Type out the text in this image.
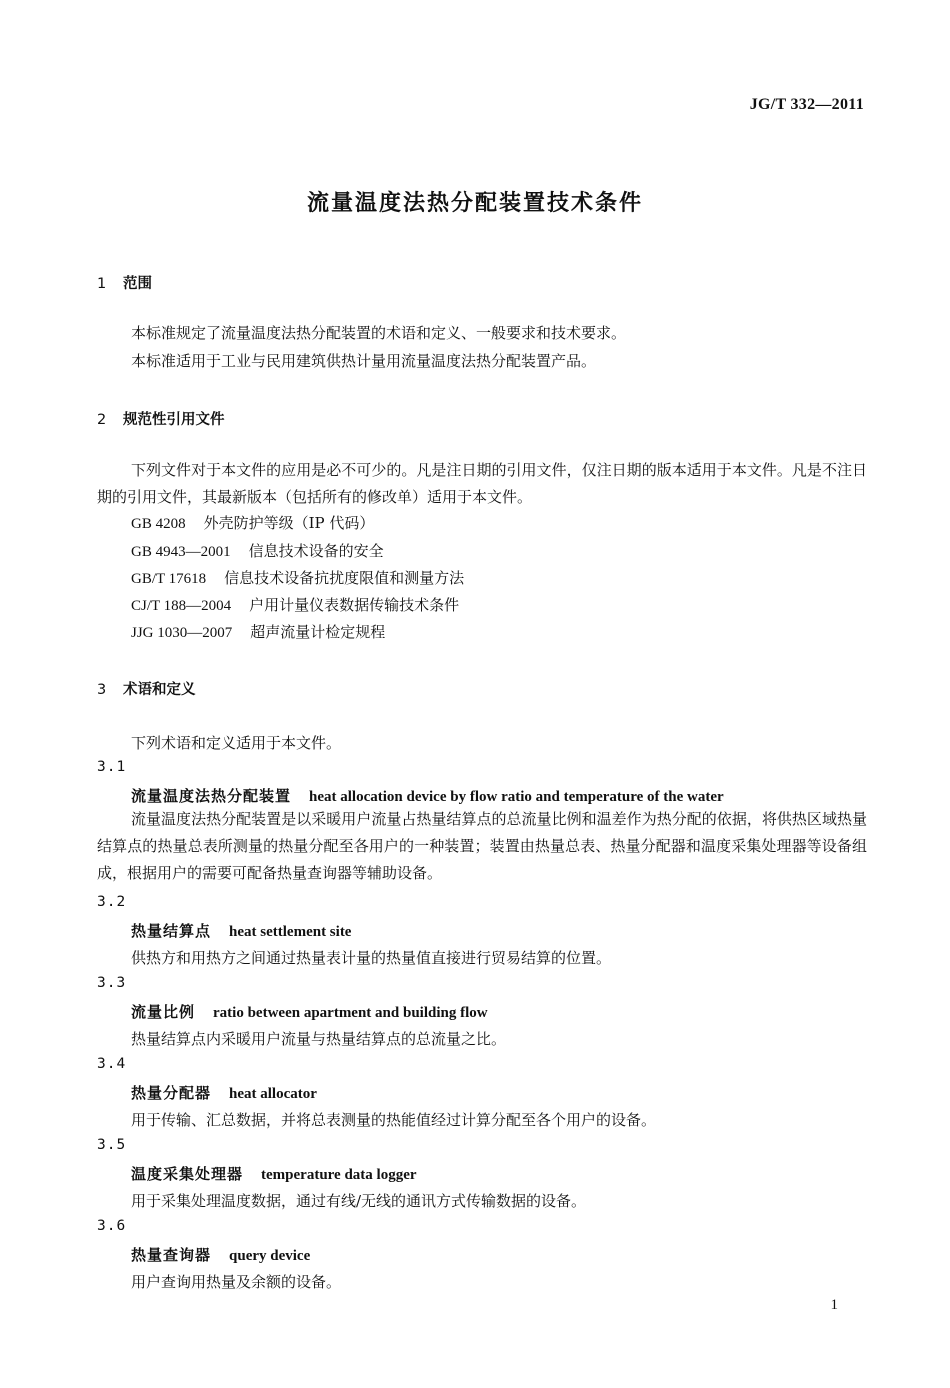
JG/T 332—2011
流量温度法热分配装置技术条件
1 范围
本标准规定了流量温度法热分配装置的术语和定义、一般要求和技术要求。
本标准适用于工业与民用建筑供热计量用流量温度法热分配装置产品。
2 规范性引用文件
下列文件对于本文件的应用是必不可少的。凡是注日期的引用文件，仅注日期的版本适用于本文件。凡是不注日期的引用文件，其最新版本（包括所有的修改单）适用于本文件。
GB 4208 外壳防护等级（IP 代码）
GB 4943—2001 信息技术设备的安全
GB/T 17618 信息技术设备抗扰度限值和测量方法
CJ/T 188—2004 户用计量仪表数据传输技术条件
JJG 1030—2007 超声流量计检定规程
3 术语和定义
下列术语和定义适用于本文件。
3.1
流量温度法热分配装置 heat allocation device by flow ratio and temperature of the water
流量温度法热分配装置是以采暖用户流量占热量结算点的总流量比例和温差作为热分配的依据，将供热区域热量结算点的热量总表所测量的热量分配至各用户的一种装置；装置由热量总表、热量分配器和温度采集处理器等设备组成，根据用户的需要可配备热量查询器等辅助设备。
3.2
热量结算点 heat settlement site
供热方和用热方之间通过热量表计量的热量值直接进行贸易结算的位置。
3.3
流量比例 ratio between apartment and building flow
热量结算点内采暖用户流量与热量结算点的总流量之比。
3.4
热量分配器 heat allocator
用于传输、汇总数据，并将总表测量的热能值经过计算分配至各个用户的设备。
3.5
温度采集处理器 temperature data logger
用于采集处理温度数据，通过有线/无线的通讯方式传输数据的设备。
3.6
热量查询器 query device
用户查询用热量及余额的设备。
1
